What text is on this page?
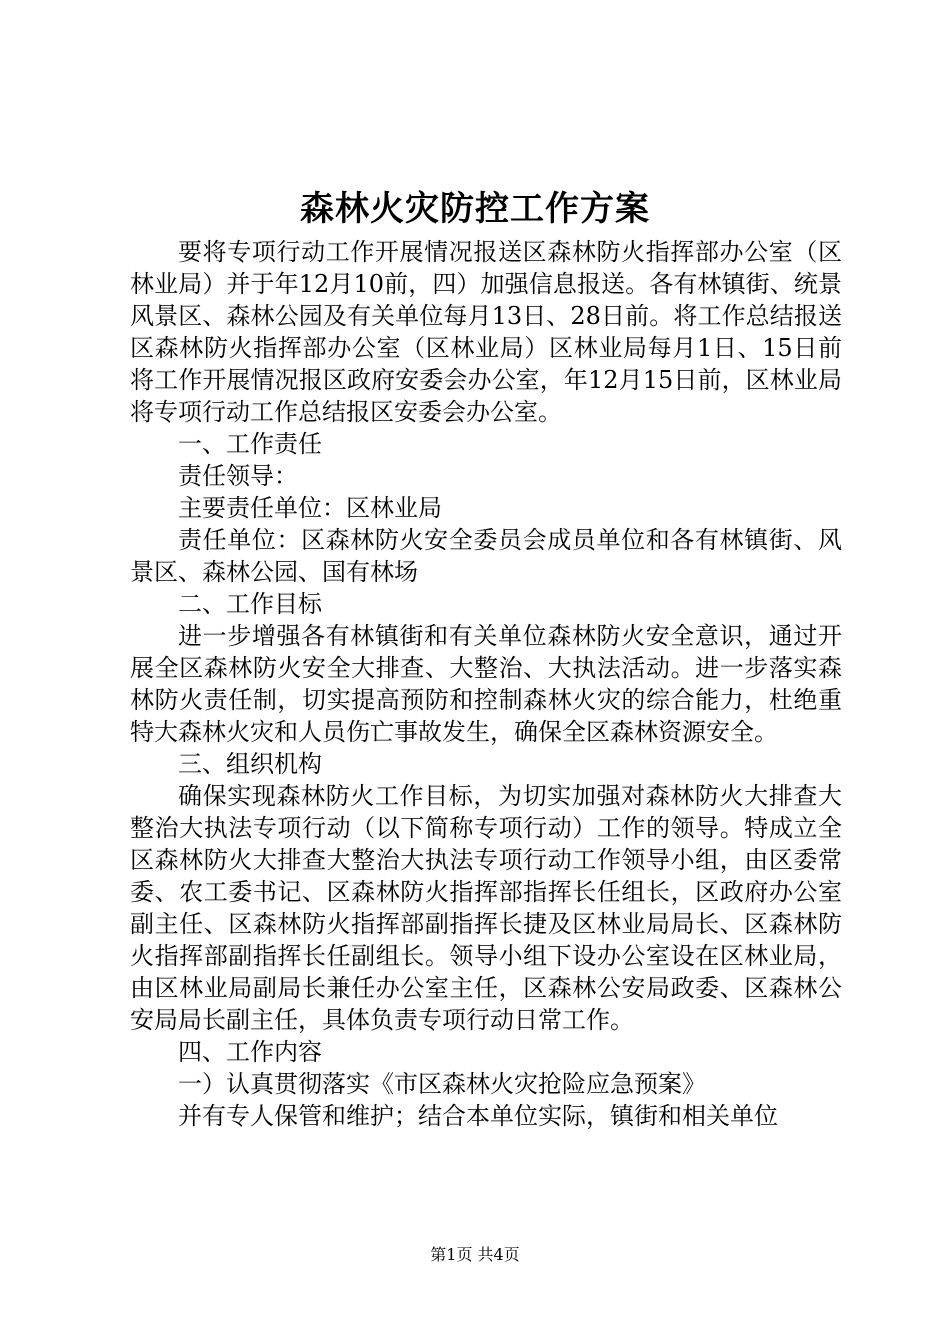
森林火灾防控工作方案

要将专项行动工作开展情况报送区森林防火指挥部办公室（区林业局）并于年12月10前，四）加强信息报送。各有林镇街、统景风景区、森林公园及有关单位每月13日、28日前。将工作总结报送区森林防火指挥部办公室（区林业局）区林业局每月1日、15日前将工作开展情况报区政府安委会办公室，年12月15日前，区林业局将专项行动工作总结报区安委会办公室。

一、工作责任

责任领导：

主要责任单位：区林业局

责任单位：区森林防火安全委员会成员单位和各有林镇街、风景区、森林公园、国有林场

二、工作目标

进一步增强各有林镇街和有关单位森林防火安全意识，通过开展全区森林防火安全大排查、大整治、大执法活动。进一步落实森林防火责任制，切实提高预防和控制森林火灾的综合能力，杜绝重特大森林火灾和人员伤亡事故发生，确保全区森林资源安全。

三、组织机构

确保实现森林防火工作目标，为切实加强对森林防火大排查大整治大执法专项行动（以下简称专项行动）工作的领导。特成立全区森林防火大排查大整治大执法专项行动工作领导小组，由区委常委、农工委书记、区森林防火指挥部指挥长任组长，区政府办公室副主任、区森林防火指挥部副指挥长捷及区林业局局长、区森林防火指挥部副指挥长任副组长。领导小组下设办公室设在区林业局，由区林业局副局长兼任办公室主任，区森林公安局政委、区森林公安局局长副主任，具体负责专项行动日常工作。

四、工作内容

一）认真贯彻落实《市区森林火灾抢险应急预案》

并有专人保管和维护；结合本单位实际，镇街和相关单位

第1页 共4页
